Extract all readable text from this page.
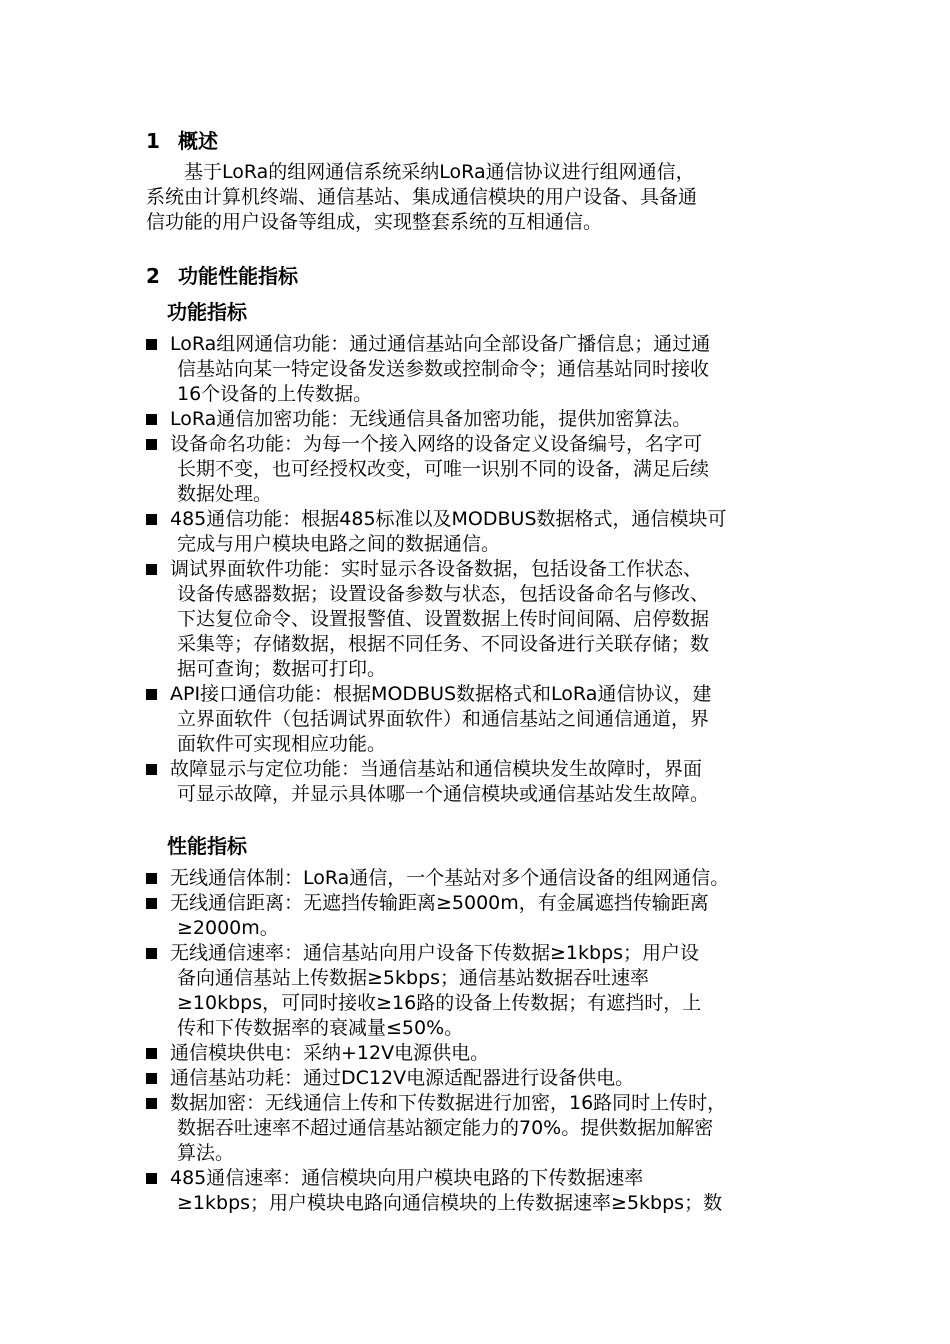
1 概述
　　基于LoRa的组网通信系统采纳LoRa通信协议进行组网通信，
系统由计算机终端、通信基站、集成通信模块的用户设备、具备通
信功能的用户设备等组成，实现整套系统的互相通信。
2 功能性能指标
功能指标
LoRa组网通信功能：通过通信基站向全部设备广播信息；通过通
信基站向某一特定设备发送参数或控制命令；通信基站同时接收
16个设备的上传数据。
LoRa通信加密功能：无线通信具备加密功能，提供加密算法。
设备命名功能：为每一个接入网络的设备定义设备编号，名字可
长期不变，也可经授权改变，可唯一识别不同的设备，满足后续
数据处理。
485通信功能：根据485标准以及MODBUS数据格式，通信模块可
完成与用户模块电路之间的数据通信。
调试界面软件功能：实时显示各设备数据，包括设备工作状态、
设备传感器数据；设置设备参数与状态，包括设备命名与修改、
下达复位命令、设置报警值、设置数据上传时间间隔、启停数据
采集等；存储数据，根据不同任务、不同设备进行关联存储；数
据可查询；数据可打印。
API接口通信功能：根据MODBUS数据格式和LoRa通信协议，建
立界面软件（包括调试界面软件）和通信基站之间通信通道，界
面软件可实现相应功能。
故障显示与定位功能：当通信基站和通信模块发生故障时，界面
可显示故障，并显示具体哪一个通信模块或通信基站发生故障。
性能指标
无线通信体制：LoRa通信，一个基站对多个通信设备的组网通信。
无线通信距离：无遮挡传输距离≥5000m，有金属遮挡传输距离
≥2000m。
无线通信速率：通信基站向用户设备下传数据≥1kbps；用户设
备向通信基站上传数据≥5kbps；通信基站数据吞吐速率
≥10kbps，可同时接收≥16路的设备上传数据；有遮挡时，上
传和下传数据率的衰减量≤50%。
通信模块供电：采纳+12V电源供电。
通信基站功耗：通过DC12V电源适配器进行设备供电。
数据加密：无线通信上传和下传数据进行加密，16路同时上传时，
数据吞吐速率不超过通信基站额定能力的70%。提供数据加解密
算法。
485通信速率：通信模块向用户模块电路的下传数据速率
≥1kbps；用户模块电路向通信模块的上传数据速率≥5kbps；数
